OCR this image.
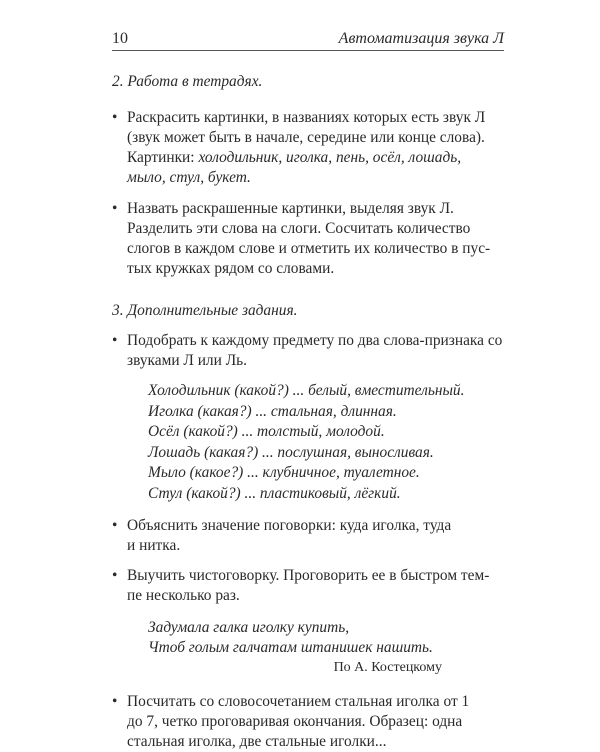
10	Автоматизация звука Л

2. Работа в тетрадях.

• Раскрасить картинки, в названиях которых есть звук Л
(звук может быть в начале, середине или конце слова).
Картинки: холодильник, иголка, пень, осёл, лошадь,
мыло, стул, букет.
• Назвать раскрашенные картинки, выделяя звук Л.
Разделить эти слова на слоги. Сосчитать количество
слогов в каждом слове и отметить их количество в пус-
тых кружках рядом со словами.

3. Дополнительные задания.

• Подобрать к каждому предмету по два слова-признака со
звуками Л или Ль.
Холодильник (какой?) ... белый, вместительный.
Иголка (какая?) ... стальная, длинная.
Осёл (какой?) ... толстый, молодой.
Лошадь (какая?) ... послушная, выносливая.
Мыло (какое?) ... клубничное, туалетное.
Стул (какой?) ... пластиковый, лёгкий.
• Объяснить значение поговорки: куда иголка, туда
и нитка.
• Выучить чистоговорку. Проговорить ее в быстром тем-
пе несколько раз.
Задумала галка иголку купить,
Чтоб голым галчатам штанишек нашить.
По А. Костецкому
• Посчитать со словосочетанием стальная иголка от 1
до 7, четко проговаривая окончания. Образец: одна
стальная иголка, две стальные иголки...
